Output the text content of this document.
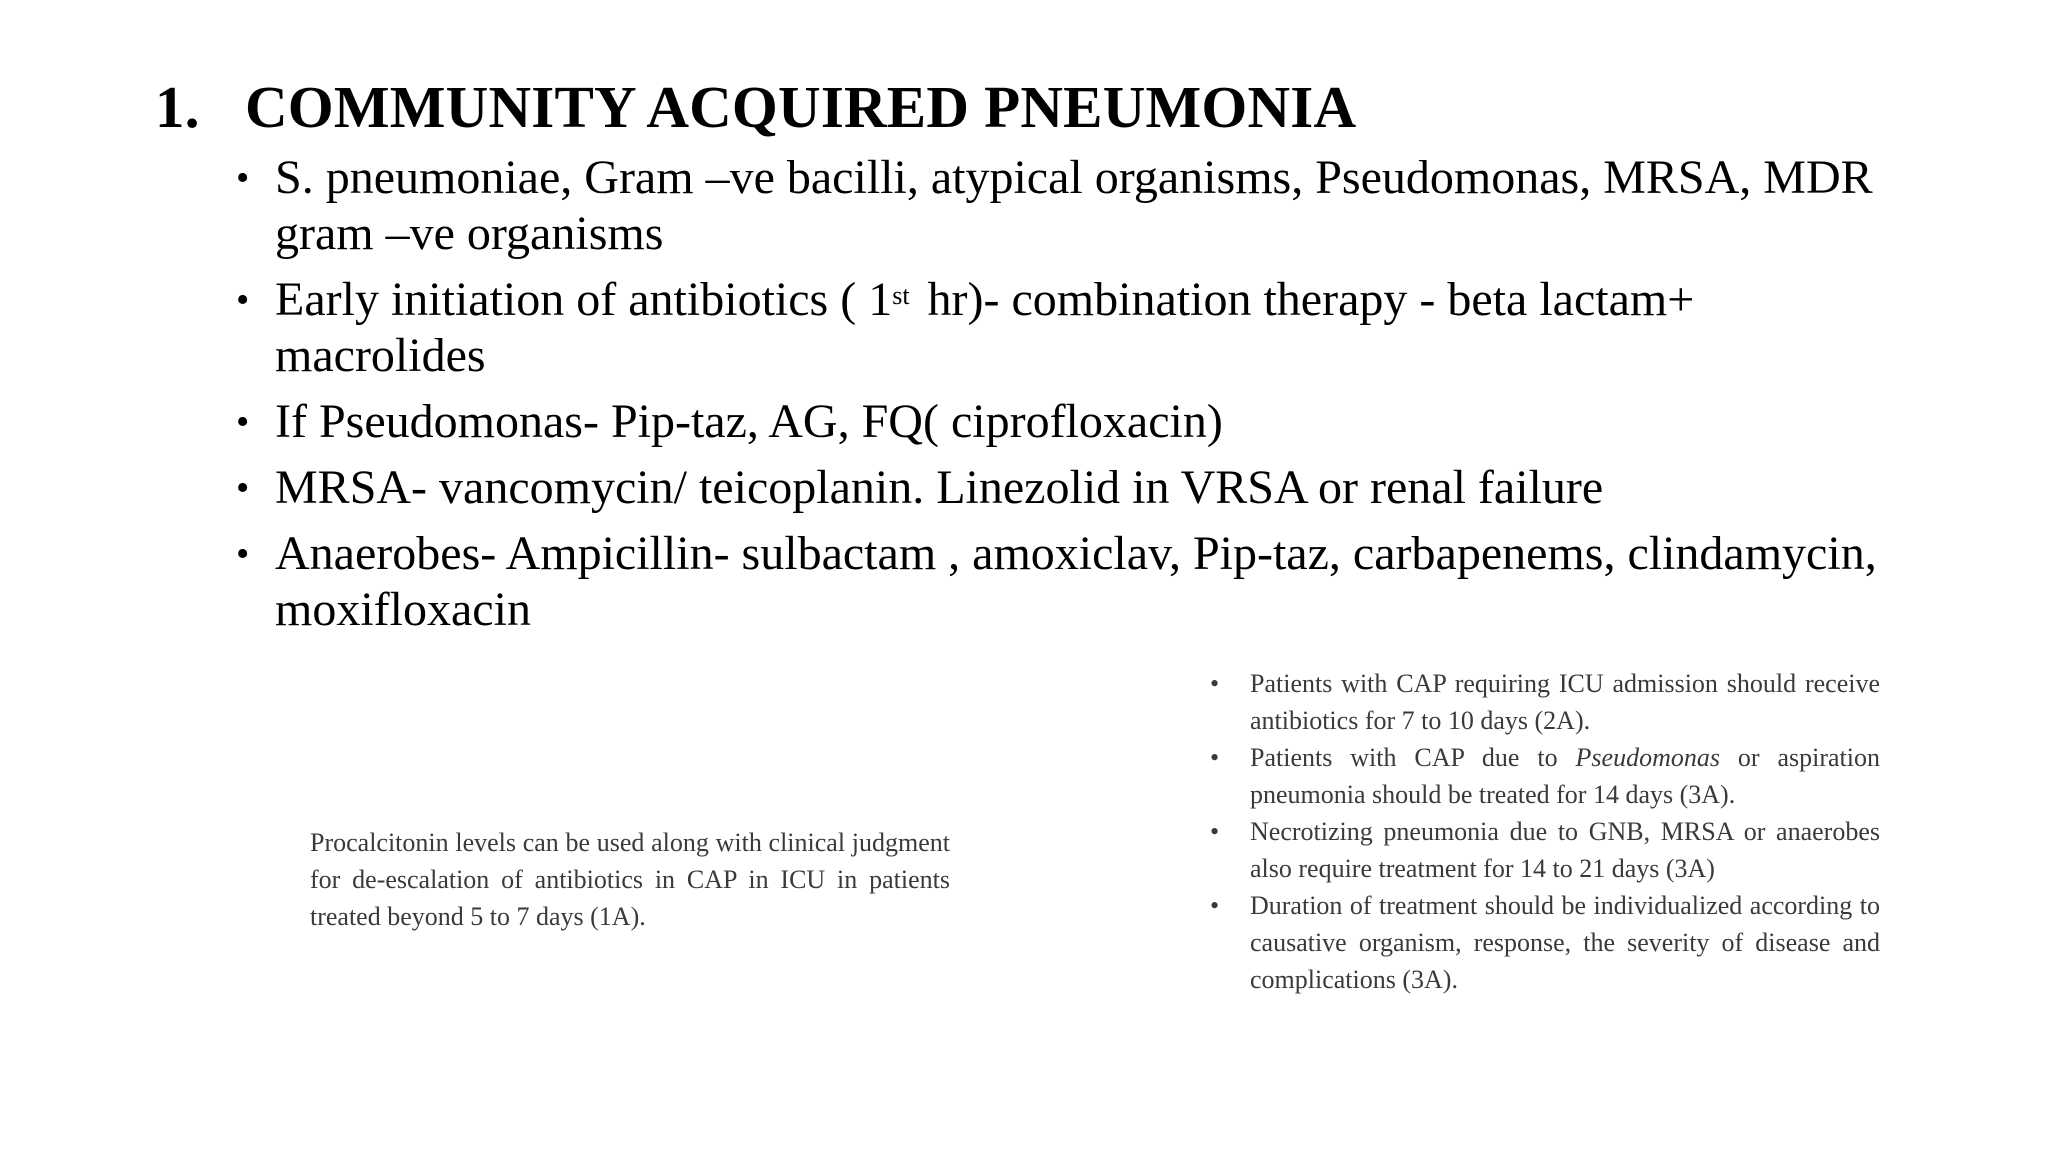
1. COMMUNITY ACQUIRED PNEUMONIA
• S. pneumoniae, Gram –ve bacilli, atypical organisms, Pseudomonas, MRSA, MDR gram –ve organisms
• Early initiation of antibiotics ( 1st hr)- combination therapy - beta lactam+ macrolides
• If Pseudomonas- Pip-taz, AG, FQ( ciprofloxacin)
• MRSA- vancomycin/ teicoplanin. Linezolid in VRSA or renal failure
• Anaerobes- Ampicillin- sulbactam , amoxiclav, Pip-taz, carbapenems, clindamycin, moxifloxacin
Procalcitonin levels can be used along with clinical judgment for de-escalation of antibiotics in CAP in ICU in patients treated beyond 5 to 7 days (1A).
• Patients with CAP requiring ICU admission should receive antibiotics for 7 to 10 days (2A).
• Patients with CAP due to Pseudomonas or aspiration pneumonia should be treated for 14 days (3A).
• Necrotizing pneumonia due to GNB, MRSA or anaerobes also require treatment for 14 to 21 days (3A)
• Duration of treatment should be individualized according to causative organism, response, the severity of disease and complications (3A).
